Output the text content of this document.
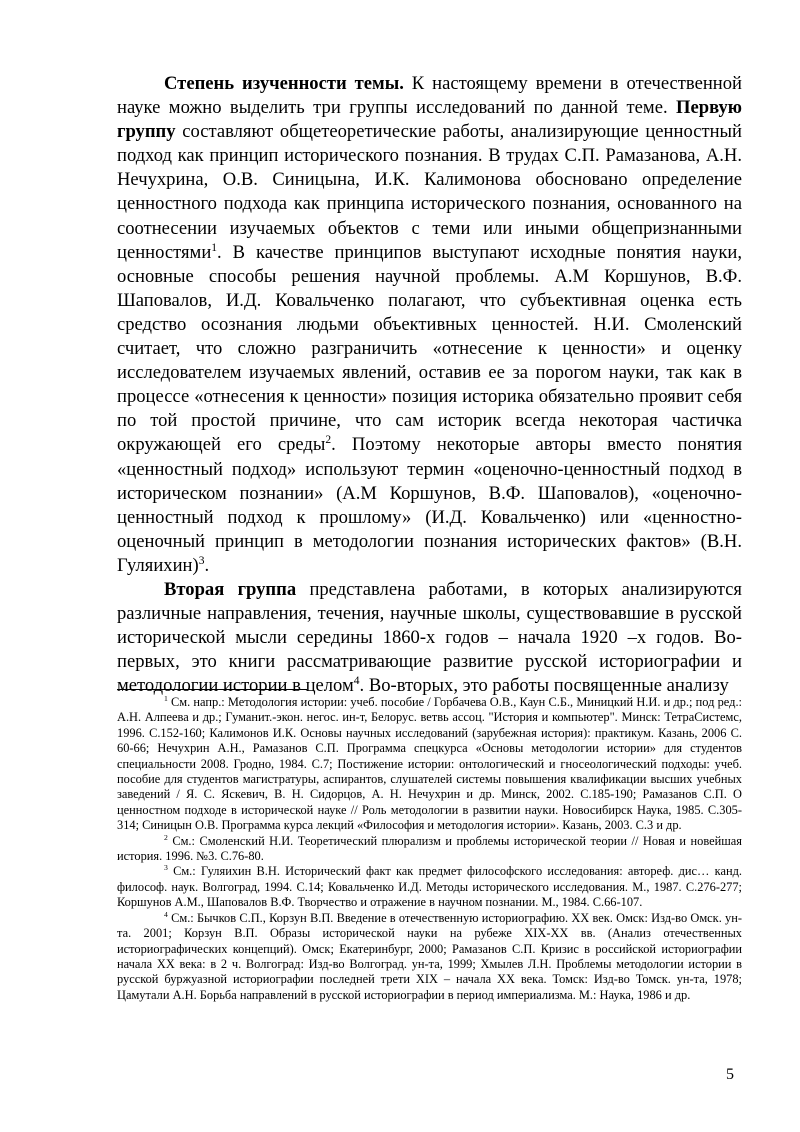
Степень изученности темы. К настоящему времени в отечественной науке можно выделить три группы исследований по данной теме. Первую группу составляют общетеоретические работы, анализирующие ценностный подход как принцип исторического познания. В трудах С.П. Рамазанова, А.Н. Нечухрина, О.В. Синицына, И.К. Калимонова обосновано определение ценностного подхода как принципа исторического познания, основанного на соотнесении изучаемых объектов с теми или иными общепризнанными ценностями$^1$. В качестве принципов выступают исходные понятия науки, основные способы решения научной проблемы. А.М Коршунов, В.Ф. Шаповалов, И.Д. Ковальченко полагают, что субъективная оценка есть средство осознания людьми объективных ценностей. Н.И. Смоленский считает, что сложно разграничить «отнесение к ценности» и оценку исследователем изучаемых явлений, оставив ее за порогом науки, так как в процессе «отнесения к ценности» позиция историка обязательно проявит себя по той простой причине, что сам историк всегда некоторая частичка окружающей его среды$^2$. Поэтому некоторые авторы вместо понятия «ценностный подход» используют термин «оценочно-ценностный подход в историческом познании» (А.М Коршунов, В.Ф. Шаповалов), «оценочно-ценностный подход к прошлому» (И.Д. Ковальченко) или «ценностно-оценочный принцип в методологии познания исторических фактов» (В.Н. Гуляихин)$^3$.

Вторая группа представлена работами, в которых анализируются различные направления, течения, научные школы, существовавшие в русской исторической мысли середины 1860-х годов – начала 1920 –х годов. Во-первых, это книги рассматривающие развитие русской историографии и методологии истории в целом$^4$. Во-вторых, это работы посвященные анализу

$^1$ См. напр.: Методология истории: учеб. пособие / Горбачева О.В., Каун С.Б., Миницкий Н.И. и др.; под ред.: А.Н. Алпеева и др.; Гуманит.-экон. негос. ин-т, Белорус. ветвь ассоц. "История и компьютер". Минск: ТетраСистемс, 1996. С.152-160; Калимонов И.К. Основы научных исследований (зарубежная история): практикум. Казань, 2006 С. 60-66; Нечухрин А.Н., Рамазанов С.П. Программа спецкурса «Основы методологии истории» для студентов специальности 2008. Гродно, 1984. С.7; Постижение истории: онтологический и гносеологический подходы: учеб. пособие для студентов магистратуры, аспирантов, слушателей системы повышения квалификации высших учебных заведений / Я. С. Яскевич, В. Н. Сидорцов, А. Н. Нечухрин и др. Минск, 2002. С.185-190; Рамазанов С.П. О ценностном подходе в исторической науке // Роль методологии в развитии науки. Новосибирск Наука, 1985. С.305-314; Синицын О.В. Программа курса лекций «Философия и методология истории». Казань, 2003. С.3 и др.

$^2$ См.: Смоленский Н.И. Теоретический плюрализм и проблемы исторической теории // Новая и новейшая история. 1996. №3. С.76-80.

$^3$ См.: Гуляихин В.Н. Исторический факт как предмет философского исследования: автореф. дис… канд. философ. наук. Волгоград, 1994. С.14; Ковальченко И.Д. Методы исторического исследования. М., 1987. С.276-277; Коршунов А.М., Шаповалов В.Ф. Творчество и отражение в научном познании. М., 1984. С.66-107.

$^4$ См.: Бычков С.П., Корзун В.П. Введение в отечественную историографию. XX век. Омск: Изд-во Омск. ун-та. 2001; Корзун В.П. Образы исторической науки на рубеже XIX-XX вв. (Анализ отечественных историографических концепций). Омск; Екатеринбург, 2000; Рамазанов С.П. Кризис в российской историографии начала XX века: в 2 ч. Волгоград: Изд-во Волгоград. ун-та, 1999; Хмылев Л.Н. Проблемы методологии истории в русской буржуазной историографии последней трети XIX – начала XX века. Томск: Изд-во Томск. ун-та, 1978; Цамутали А.Н. Борьба направлений в русской историографии в период империализма. М.: Наука, 1986 и др.

5
